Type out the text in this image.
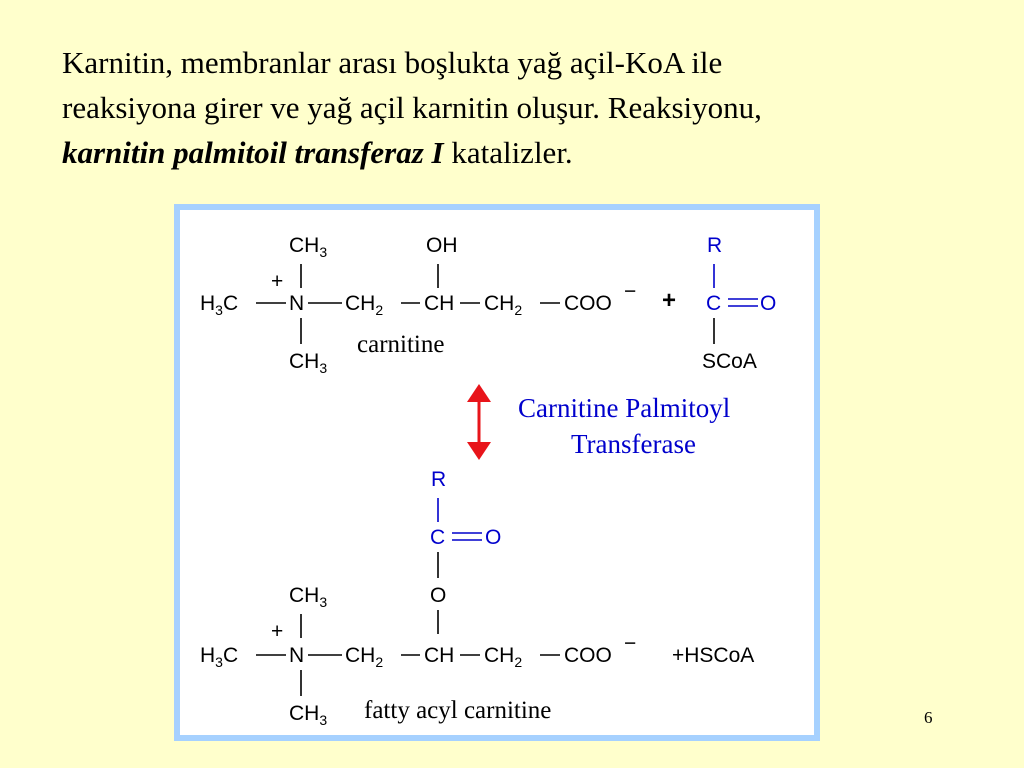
Karnitin, membranlar arası boşlukta yağ açil-KoA ile

reaksiyona girer ve yağ açil karnitin oluşur. Reaksiyonu,

karnitin palmitoil transferaz I katalizler.

$CH_3$	OH
+
$H_3C$ N $CH_2$ CH $CH_2$ COO
−
$CH_3$
carnitine
+
R
C O
SCoA
Carnitine Palmitoyl
Transferase
R
C O
O
$CH_3$
+
$H_3C$ N $CH_2$ CH $CH_2$ COO
−
+HSCoA
$CH_3$ fatty acyl carnitine	6
